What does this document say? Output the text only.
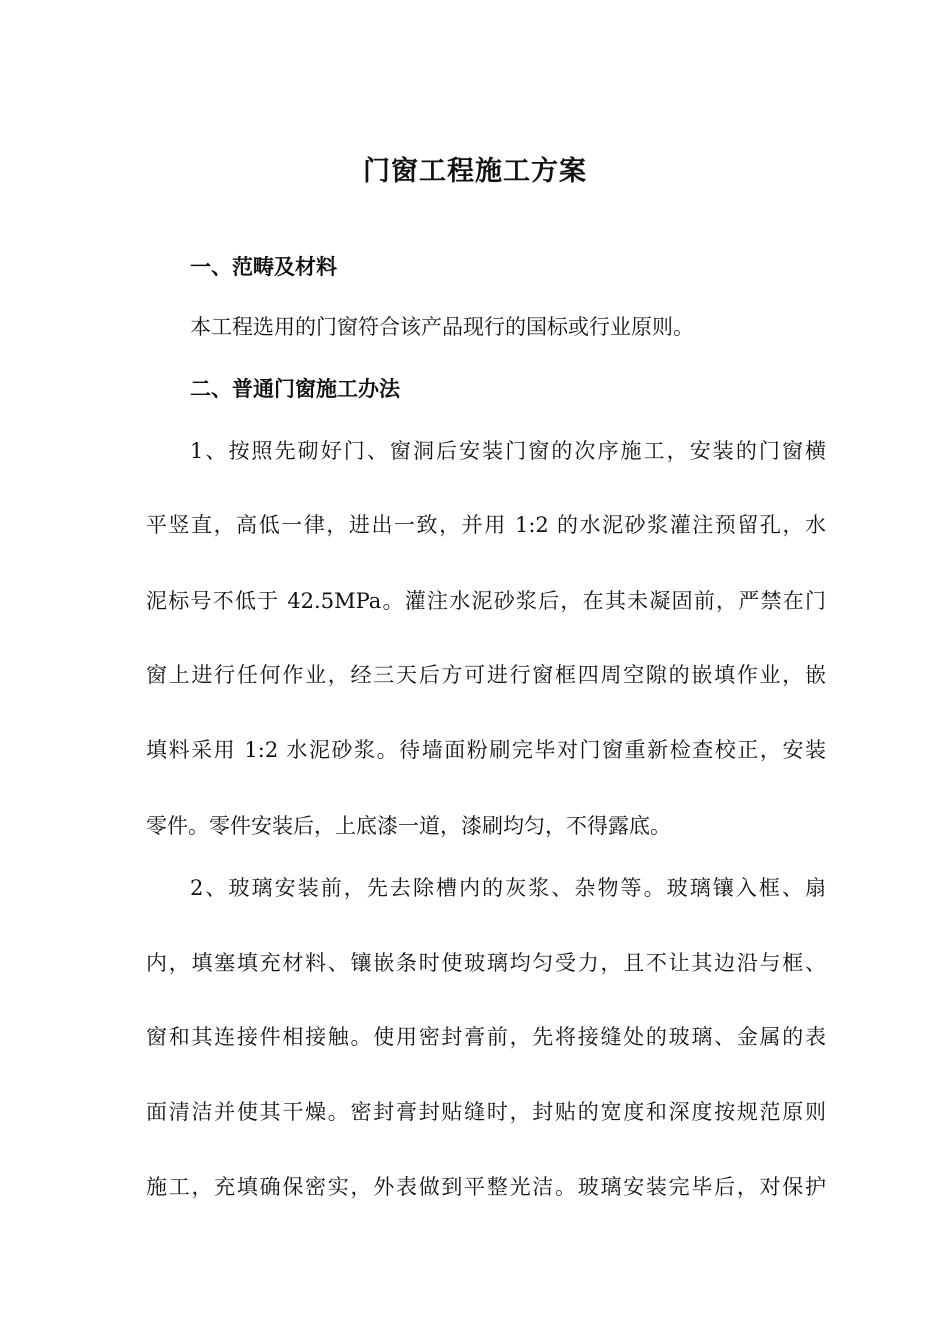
门窗工程施工方案
一、范畴及材料

本工程选用的门窗符合该产品现行的国标或行业原则。

二、普通门窗施工办法

1、按照先砌好门、窗洞后安装门窗的次序施工，安装的门窗横

平竖直，高低一律，进出一致，并用 1:2 的水泥砂浆灌注预留孔，水

泥标号不低于 42.5MPa。灌注水泥砂浆后，在其未凝固前，严禁在门

窗上进行任何作业，经三天后方可进行窗框四周空隙的嵌填作业，嵌

填料采用 1:2 水泥砂浆。待墙面粉刷完毕对门窗重新检查校正，安装

零件。零件安装后，上底漆一道，漆刷均匀，不得露底。

2、玻璃安装前，先去除槽内的灰浆、杂物等。玻璃镶入框、扇

内，填塞填充材料、镶嵌条时使玻璃均匀受力，且不让其边沿与框、

窗和其连接件相接触。使用密封膏前，先将接缝处的玻璃、金属的表

面清洁并使其干燥。密封膏封贴缝时，封贴的宽度和深度按规范原则

施工，充填确保密实，外表做到平整光洁。玻璃安装完毕后，对保护
